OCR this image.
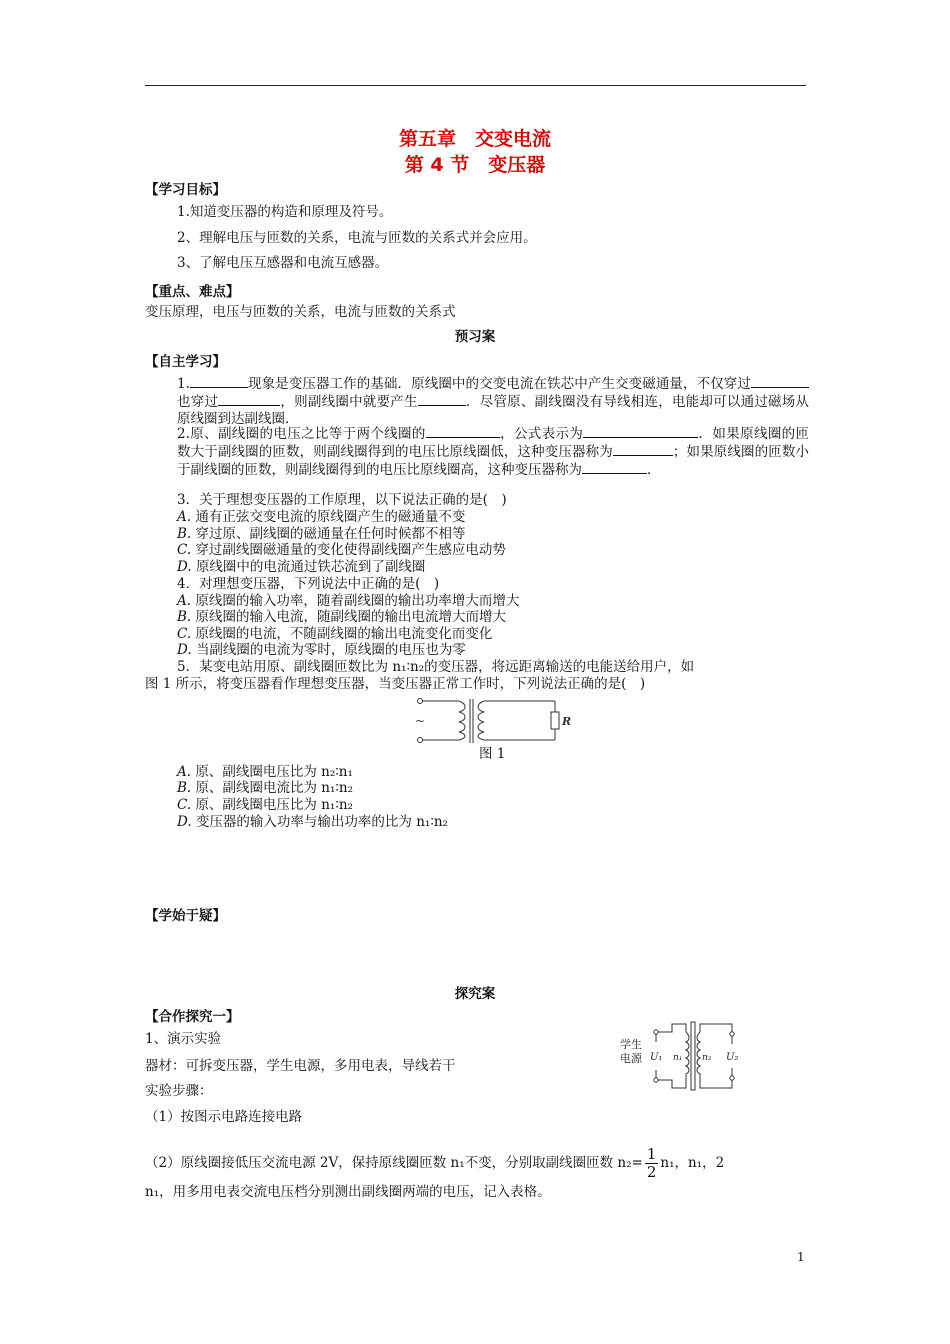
第五章　交变电流
第 4 节　变压器
【学习目标】
1.知道变压器的构造和原理及符号。
2、理解电压与匝数的关系，电流与匝数的关系式并会应用。
3、了解电压互感器和电流互感器。
【重点、难点】
变压原理，电压与匝数的关系，电流与匝数的关系式
预习案
【自主学习】
1.	现象是变压器工作的基础．原线圈中的交变电流在铁芯中产生交变磁通量，不仅穿过也穿过	，则副线圈中就要产生	．尽管原、副线圈没有导线相连，电能却可以通过磁场从原线圈到达副线圈．
2.原、副线圈的电压之比等于两个线圈的	，公式表示为	．如果原线圈的匝数大于副线圈的匝数，则副线圈得到的电压比原线圈低，这种变压器称为	；如果原线圈的匝数小于副线圈的匝数，则副线圈得到的电压比原线圈高，这种变压器称为	．
3．关于理想变压器的工作原理，以下说法正确的是(　)
A. 通有正弦交变电流的原线圈产生的磁通量不变
B. 穿过原、副线圈的磁通量在任何时候都不相等
C. 穿过副线圈磁通量的变化使得副线圈产生感应电动势
D. 原线圈中的电流通过铁芯流到了副线圈
4．对理想变压器，下列说法中正确的是(　)
A. 原线圈的输入功率，随着副线圈的输出功率增大而增大
B. 原线圈的输入电流，随副线圈的输出电流增大而增大
C. 原线圈的电流，不随副线圈的输出电流变化而变化
D. 当副线圈的电流为零时，原线圈的电压也为零
5．某变电站用原、副线圈匝数比为 n₁∶n₂的变压器，将远距离输送的电能送给用户，如
图 1 所示，将变压器看作理想变压器，当变压器正常工作时，下列说法正确的是(　)
~	R
图 1
A. 原、副线圈电压比为 n₂∶n₁
B. 原、副线圈电流比为 n₁∶n₂
C. 原、副线圈电压比为 n₁∶n₂
D. 变压器的输入功率与输出功率的比为 n₁∶n₂
【学始于疑】
探究案
【合作探究一】
1、演示实验
器材：可拆变压器，学生电源，多用电表，导线若干
实验步骤：
（1）按图示电路连接电路
学生
电源 U₁ n₁ n₂ U₂
（2）原线圈接低压交流电源 2V，保持原线圈匝数 n₁不变，分别取副线圈匝数 $n_2= \frac{1}{2} n_1$，n₁，2
n₁，用多用电表交流电压档分别测出副线圈两端的电压，记入表格。
1
